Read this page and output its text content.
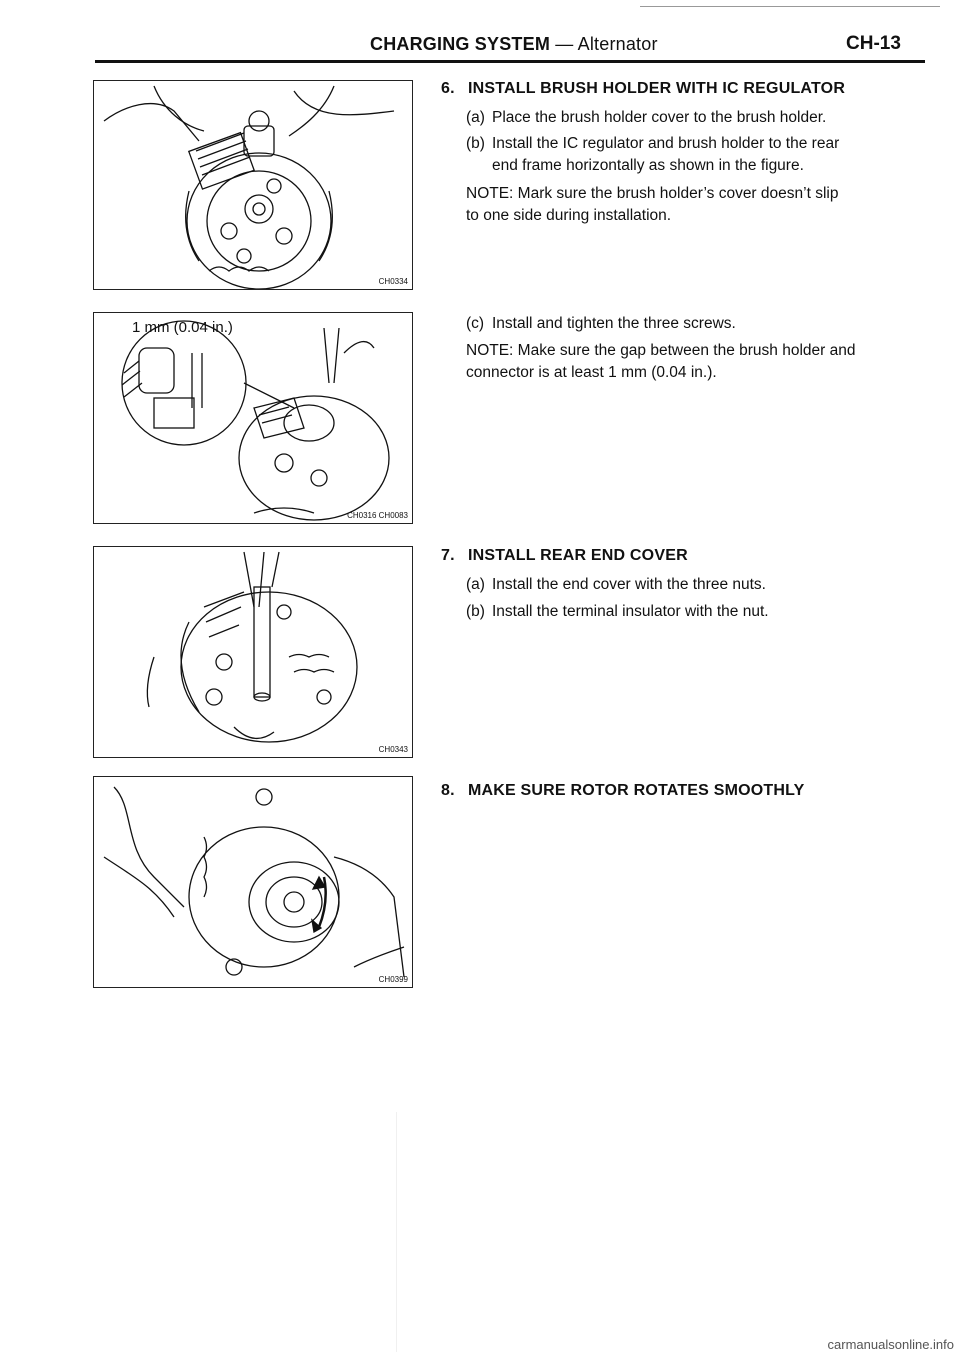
CHARGING SYSTEM — Alternator	CH-13
CH0334
1 mm (0.04 in.)
CH0316 CH0083
CH0343
CH0399
6. INSTALL BRUSH HOLDER WITH IC REGULATOR
(a) Place the brush holder cover to the brush holder.
(b) Install the IC regulator and brush holder to the rear
end frame horizontally as shown in the figure.
NOTE: Mark sure the brush holder’s cover doesn’t slip
to one side during installation.
(c) Install and tighten the three screws.
NOTE: Make sure the gap between the brush holder and
connector is at least 1 mm (0.04 in.).
7. INSTALL REAR END COVER
(a) Install the end cover with the three nuts.
(b) Install the terminal insulator with the nut.
8. MAKE SURE ROTOR ROTATES SMOOTHLY
carmanualsonline.info
